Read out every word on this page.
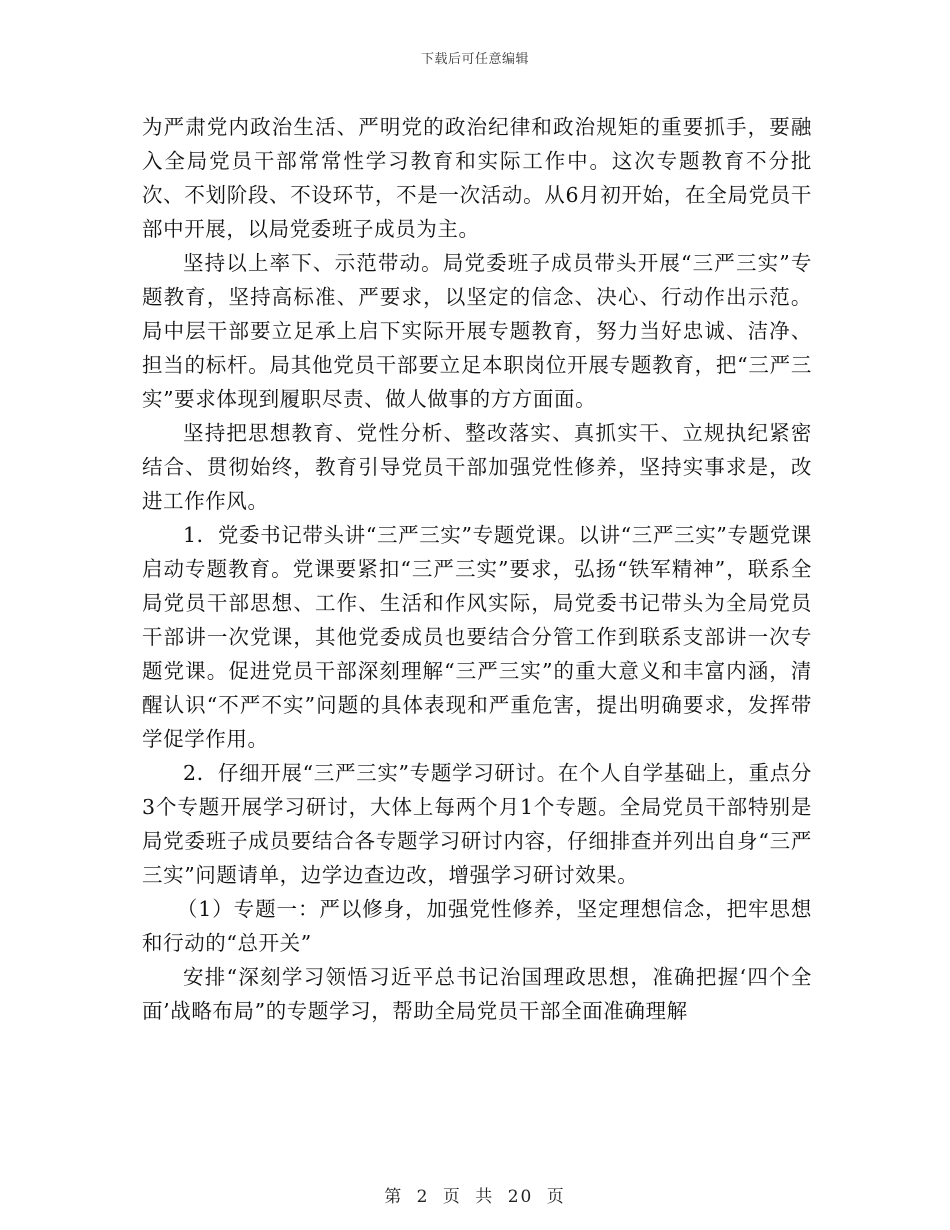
下载后可任意编辑

为严肃党内政治生活、严明党的政治纪律和政治规矩的重要抓手，要融入全局党员干部常常性学习教育和实际工作中。这次专题教育不分批次、不划阶段、不设环节，不是一次活动。从6月初开始，在全局党员干部中开展，以局党委班子成员为主。

坚持以上率下、示范带动。局党委班子成员带头开展“三严三实”专题教育，坚持高标准、严要求，以坚定的信念、决心、行动作出示范。局中层干部要立足承上启下实际开展专题教育，努力当好忠诚、洁净、担当的标杆。局其他党员干部要立足本职岗位开展专题教育，把“三严三实”要求体现到履职尽责、做人做事的方方面面。

坚持把思想教育、党性分析、整改落实、真抓实干、立规执纪紧密结合、贯彻始终，教育引导党员干部加强党性修养，坚持实事求是，改进工作作风。

1．党委书记带头讲“三严三实”专题党课。以讲“三严三实”专题党课启动专题教育。党课要紧扣“三严三实”要求，弘扬“铁军精神”，联系全局党员干部思想、工作、生活和作风实际，局党委书记带头为全局党员干部讲一次党课，其他党委成员也要结合分管工作到联系支部讲一次专题党课。促进党员干部深刻理解“三严三实”的重大意义和丰富内涵，清醒认识“不严不实”问题的具体表现和严重危害，提出明确要求，发挥带学促学作用。

2．仔细开展“三严三实”专题学习研讨。在个人自学基础上，重点分3个专题开展学习研讨，大体上每两个月1个专题。全局党员干部特别是局党委班子成员要结合各专题学习研讨内容，仔细排查并列出自身“三严三实”问题请单，边学边查边改，增强学习研讨效果。

（1）专题一：严以修身，加强党性修养，坚定理想信念，把牢思想和行动的“总开关”

安排“深刻学习领悟习近平总书记治国理政思想，准确把握‘四个全面’战略布局”的专题学习，帮助全局党员干部全面准确理解

第 2 页 共 20 页
